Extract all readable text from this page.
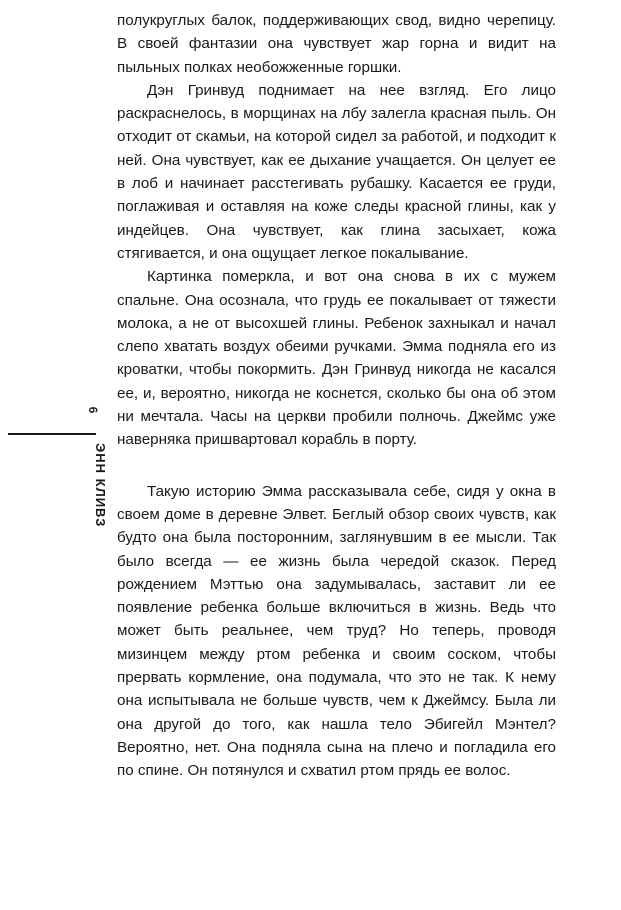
полукруглых балок, поддерживающих свод, видно черепицу. В своей фантазии она чувствует жар горна и видит на пыльных полках необожженные горшки.

Дэн Гринвуд поднимает на нее взгляд. Его лицо раскраснелось, в морщинах на лбу залегла красная пыль. Он отходит от скамьи, на которой сидел за работой, и подходит к ней. Она чувствует, как ее дыхание учащается. Он целует ее в лоб и начинает расстегивать рубашку. Касается ее груди, поглаживая и оставляя на коже следы красной глины, как у индейцев. Она чувствует, как глина засыхает, кожа стягивается, и она ощущает легкое покалывание.

Картинка померкла, и вот она снова в их с мужем спальне. Она осознала, что грудь ее покалывает от тяжести молока, а не от высохшей глины. Ребенок захныкал и начал слепо хватать воздух обеими ручками. Эмма подняла его из кроватки, чтобы покормить. Дэн Гринвуд никогда не касался ее, и, вероятно, никогда не коснется, сколько бы она об этом ни мечтала. Часы на церкви пробили полночь. Джеймс уже наверняка пришвартовал корабль в порту.

Такую историю Эмма рассказывала себе, сидя у окна в своем доме в деревне Элвет. Беглый обзор своих чувств, как будто она была посторонним, заглянувшим в ее мысли. Так было всегда — ее жизнь была чередой сказок. Перед рождением Мэттью она задумывалась, заставит ли ее появление ребенка больше включиться в жизнь. Ведь что может быть реальнее, чем труд? Но теперь, проводя мизинцем между ртом ребенка и своим соском, чтобы прервать кормление, она подумала, что это не так. К нему она испытывала не больше чувств, чем к Джеймсу. Была ли она другой до того, как нашла тело Эбигейл Мэнтел? Вероятно, нет. Она подняла сына на плечо и погладила его по спине. Он потянулся и схватил ртом прядь ее волос.

6
ЭНН КЛИВЗ
